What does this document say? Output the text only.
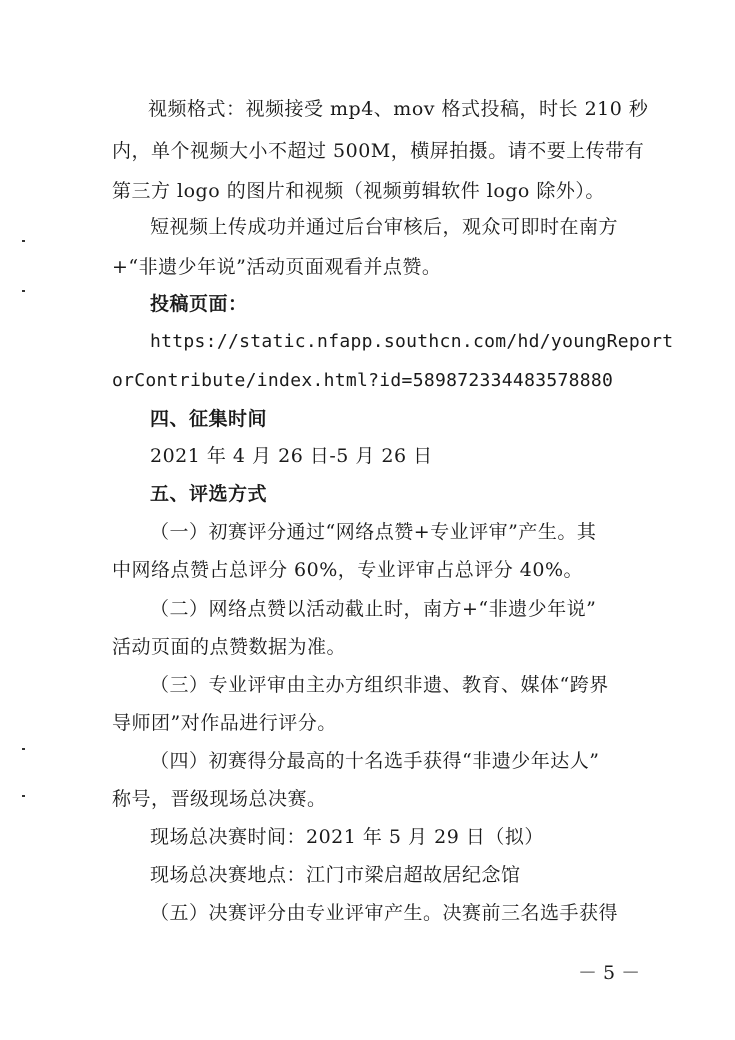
视频格式：视频接受 mp4、mov 格式投稿，时长 210 秒
内，单个视频大小不超过 500M，横屏拍摄。请不要上传带有
第三方 logo 的图片和视频（视频剪辑软件 logo 除外）。
短视频上传成功并通过后台审核后，观众可即时在南方
+“非遗少年说”活动页面观看并点赞。
投稿页面：
https://static.nfapp.southcn.com/hd/youngReport
orContribute/index.html?id=589872334483578880
四、征集时间
2021 年 4 月 26 日-5 月 26 日
五、评选方式
（一）初赛评分通过“网络点赞+专业评审”产生。其
中网络点赞占总评分 60%，专业评审占总评分 40%。
（二）网络点赞以活动截止时，南方+“非遗少年说”
活动页面的点赞数据为准。
（三）专业评审由主办方组织非遗、教育、媒体“跨界
导师团”对作品进行评分。
（四）初赛得分最高的十名选手获得“非遗少年达人”
称号，晋级现场总决赛。
现场总决赛时间：2021 年 5 月 29 日（拟）
现场总决赛地点：江门市梁启超故居纪念馆
（五）决赛评分由专业评审产生。决赛前三名选手获得
－ 5 －
